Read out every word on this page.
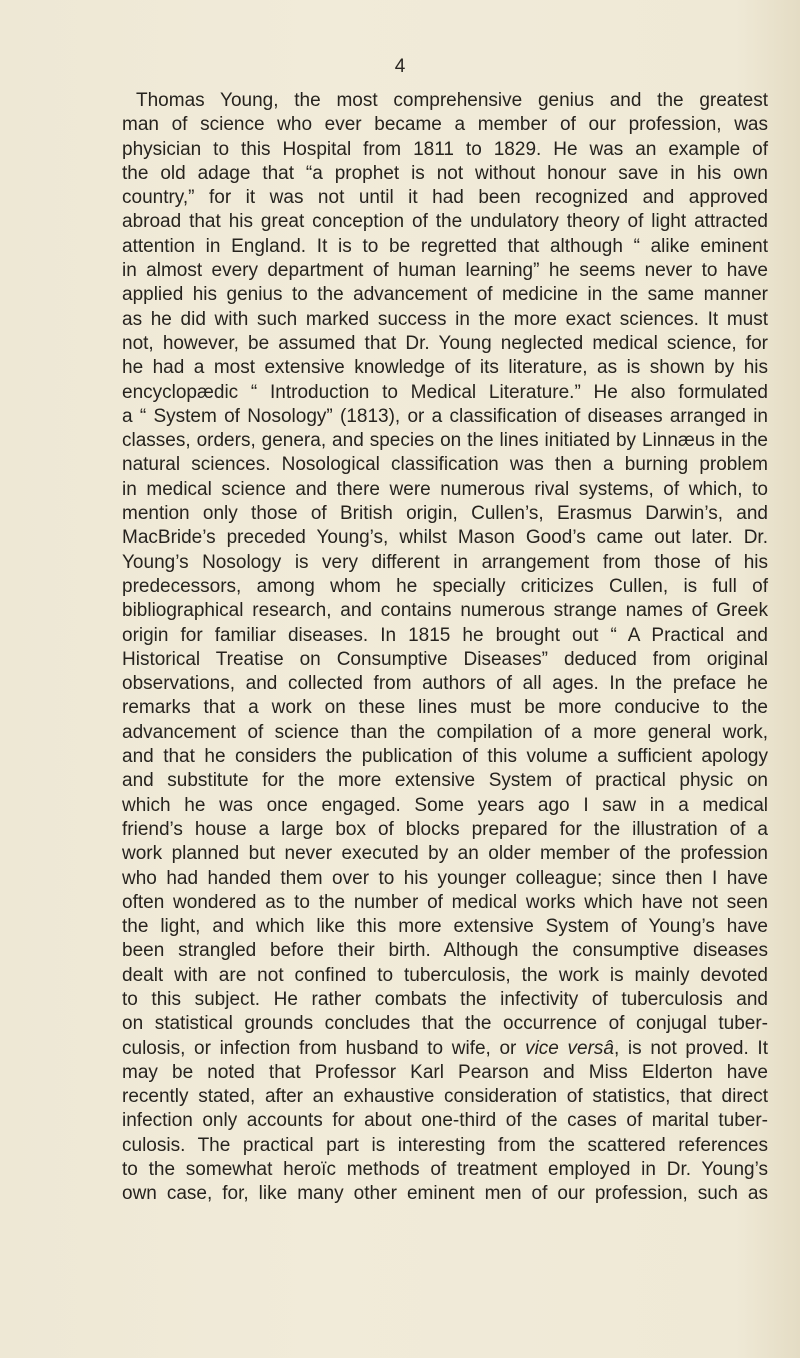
4
Thomas Young, the most comprehensive genius and the greatest
man of science who ever became a member of our profession, was
physician to this Hospital from 1811 to 1829. He was an example of
the old adage that “a prophet is not without honour save in his own
country,” for it was not until it had been recognized and approved
abroad that his great conception of the undulatory theory of light attracted
attention in England. It is to be regretted that although “ alike eminent
in almost every department of human learning” he seems never to have
applied his genius to the advancement of medicine in the same manner
as he did with such marked success in the more exact sciences. It must
not, however, be assumed that Dr. Young neglected medical science, for
he had a most extensive knowledge of its literature, as is shown by his
encyclopædic “ Introduction to Medical Literature.” He also formulated
a “ System of Nosology” (1813), or a classification of diseases arranged in
classes, orders, genera, and species on the lines initiated by Linnæus in the
natural sciences. Nosological classification was then a burning problem
in medical science and there were numerous rival systems, of which, to
mention only those of British origin, Cullen’s, Erasmus Darwin’s, and
MacBride’s preceded Young’s, whilst Mason Good’s came out later. Dr.
Young’s Nosology is very different in arrangement from those of his
predecessors, among whom he specially criticizes Cullen, is full of
bibliographical research, and contains numerous strange names of Greek
origin for familiar diseases. In 1815 he brought out “ A Practical and
Historical Treatise on Consumptive Diseases” deduced from original
observations, and collected from authors of all ages. In the preface he
remarks that a work on these lines must be more conducive to the
advancement of science than the compilation of a more general work,
and that he considers the publication of this volume a sufficient apology
and substitute for the more extensive System of practical physic on
which he was once engaged. Some years ago I saw in a medical
friend’s house a large box of blocks prepared for the illustration of a
work planned but never executed by an older member of the profession
who had handed them over to his younger colleague; since then I have
often wondered as to the number of medical works which have not seen
the light, and which like this more extensive System of Young’s have
been strangled before their birth. Although the consumptive diseases
dealt with are not confined to tuberculosis, the work is mainly devoted
to this subject. He rather combats the infectivity of tuberculosis and
on statistical grounds concludes that the occurrence of conjugal tuber-
culosis, or infection from husband to wife, or vice versâ, is not proved. It
may be noted that Professor Karl Pearson and Miss Elderton have
recently stated, after an exhaustive consideration of statistics, that direct
infection only accounts for about one-third of the cases of marital tuber-
culosis. The practical part is interesting from the scattered references
to the somewhat heroïc methods of treatment employed in Dr. Young’s
own case, for, like many other eminent men of our profession, such as
